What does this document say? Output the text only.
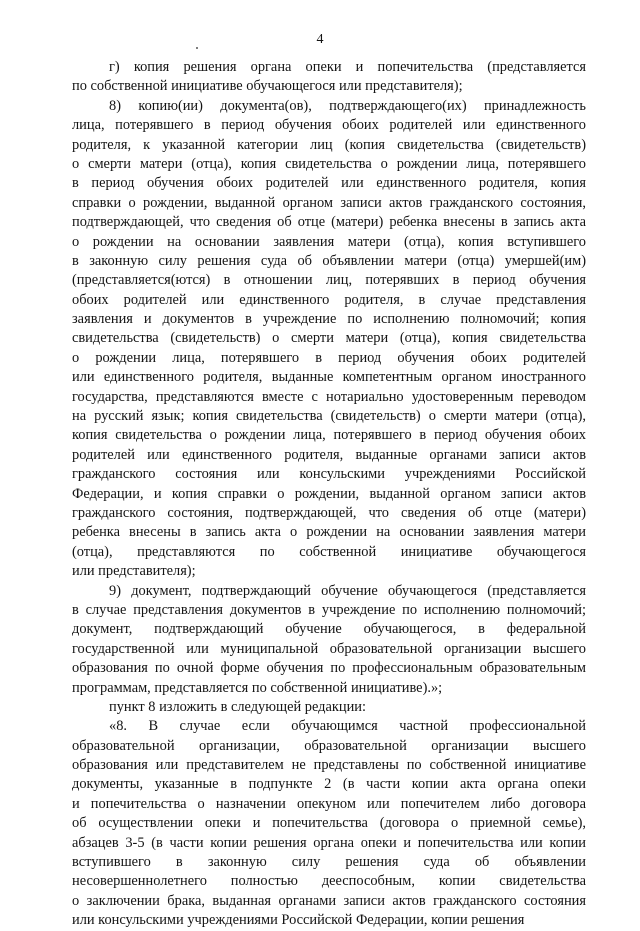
4
г) копия решения органа опеки и попечительства (представляется
по собственной инициативе обучающегося или представителя);
8) копию(ии) документа(ов), подтверждающего(их) принадлежность
лица, потерявшего в период обучения обоих родителей или единственного
родителя, к указанной категории лиц (копия свидетельства (свидетельств)
о смерти матери (отца), копия свидетельства о рождении лица, потерявшего
в период обучения обоих родителей или единственного родителя, копия
справки о рождении, выданной органом записи актов гражданского состояния,
подтверждающей, что сведения об отце (матери) ребенка внесены в запись акта
о рождении на основании заявления матери (отца), копия вступившего
в законную силу решения суда об объявлении матери (отца) умершей(им)
(представляется(ются) в отношении лиц, потерявших в период обучения
обоих родителей или единственного родителя, в случае представления
заявления и документов в учреждение по исполнению полномочий; копия
свидетельства (свидетельств) о смерти матери (отца), копия свидетельства
о рождении лица, потерявшего в период обучения обоих родителей
или единственного родителя, выданные компетентным органом иностранного
государства, представляются вместе с нотариально удостоверенным переводом
на русский язык; копия свидетельства (свидетельств) о смерти матери (отца),
копия свидетельства о рождении лица, потерявшего в период обучения обоих
родителей или единственного родителя, выданные органами записи актов
гражданского состояния или консульскими учреждениями Российской
Федерации, и копия справки о рождении, выданной органом записи актов
гражданского состояния, подтверждающей, что сведения об отце (матери)
ребенка внесены в запись акта о рождении на основании заявления матери
(отца), представляются по собственной инициативе обучающегося
или представителя);
9) документ, подтверждающий обучение обучающегося (представляется
в случае представления документов в учреждение по исполнению полномочий;
документ, подтверждающий обучение обучающегося, в федеральной
государственной или муниципальной образовательной организации высшего
образования по очной форме обучения по профессиональным образовательным
программам, представляется по собственной инициативе).»;
пункт 8 изложить в следующей редакции:
«8. В случае если обучающимся частной профессиональной
образовательной организации, образовательной организации высшего
образования или представителем не представлены по собственной инициативе
документы, указанные в подпункте 2 (в части копии акта органа опеки
и попечительства о назначении опекуном или попечителем либо договора
об осуществлении опеки и попечительства (договора о приемной семье),
абзацев 3-5 (в части копии решения органа опеки и попечительства или копии
вступившего в законную силу решения суда об объявлении
несовершеннолетнего полностью дееспособным, копии свидетельства
о заключении брака, выданная органами записи актов гражданского состояния
или консульскими учреждениями Российской Федерации, копии решения
